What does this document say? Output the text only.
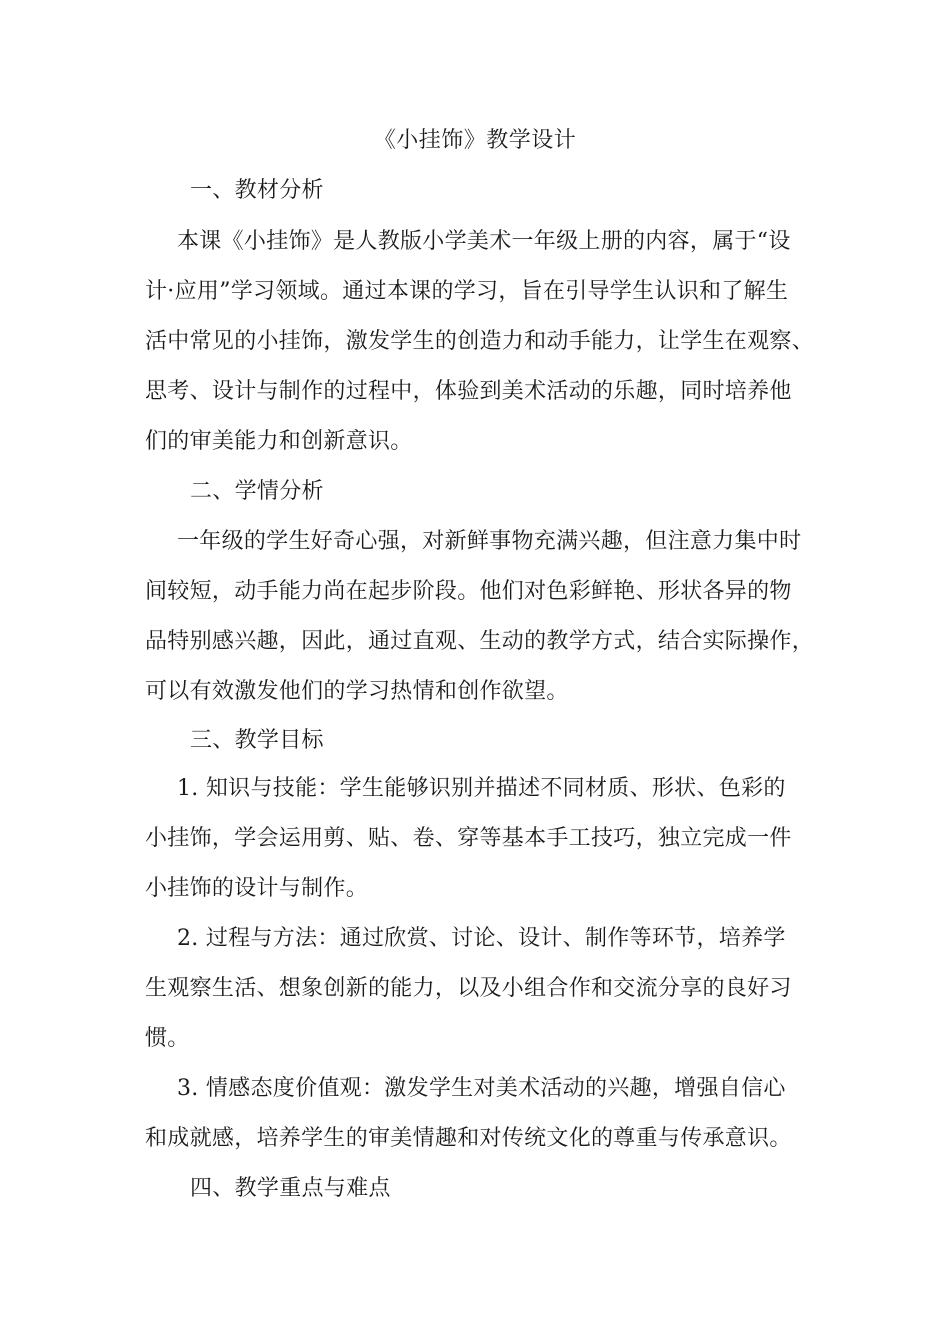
《小挂饰》教学设计
一、教材分析
本课《小挂饰》是人教版小学美术一年级上册的内容，属于“设
计·应用”学习领域。通过本课的学习，旨在引导学生认识和了解生
活中常见的小挂饰，激发学生的创造力和动手能力，让学生在观察、
思考、设计与制作的过程中，体验到美术活动的乐趣，同时培养他
们的审美能力和创新意识。
二、学情分析
一年级的学生好奇心强，对新鲜事物充满兴趣，但注意力集中时
间较短，动手能力尚在起步阶段。他们对色彩鲜艳、形状各异的物
品特别感兴趣，因此，通过直观、生动的教学方式，结合实际操作，
可以有效激发他们的学习热情和创作欲望。
三、教学目标
1. 知识与技能：学生能够识别并描述不同材质、形状、色彩的
小挂饰，学会运用剪、贴、卷、穿等基本手工技巧，独立完成一件
小挂饰的设计与制作。
2. 过程与方法：通过欣赏、讨论、设计、制作等环节，培养学
生观察生活、想象创新的能力，以及小组合作和交流分享的良好习
惯。
3. 情感态度价值观：激发学生对美术活动的兴趣，增强自信心
和成就感，培养学生的审美情趣和对传统文化的尊重与传承意识。
四、教学重点与难点
